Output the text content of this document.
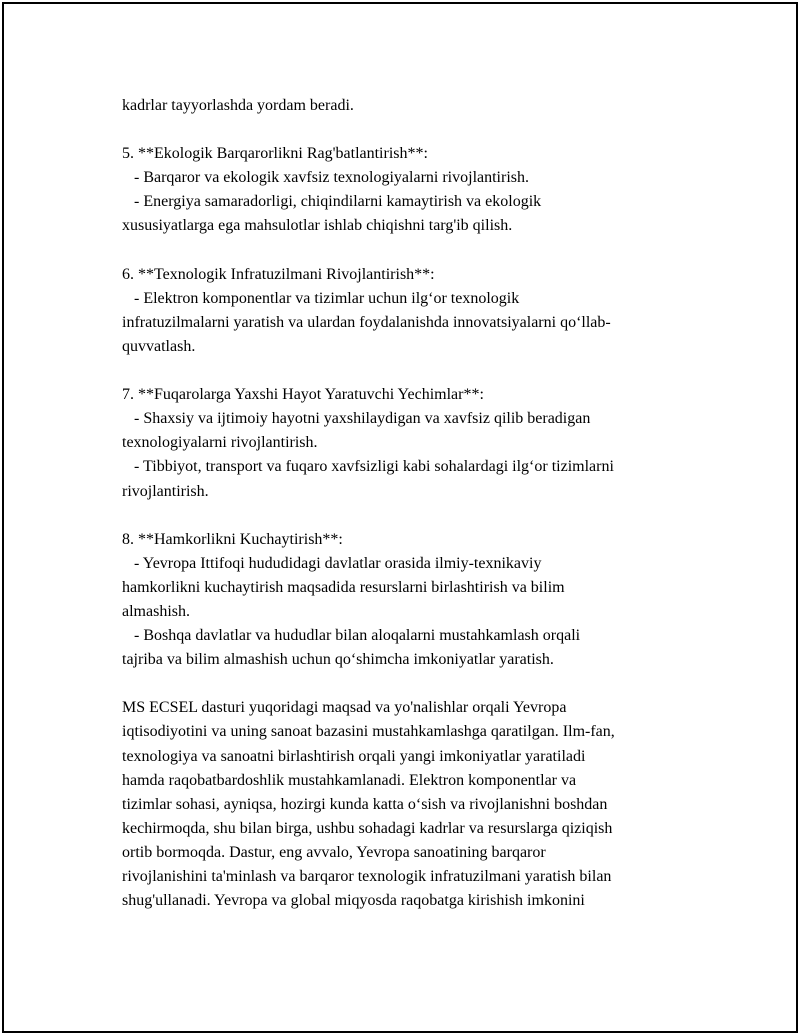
kadrlar tayyorlashda yordam beradi.
5. **Ekologik Barqarorlikni Rag'batlantirish**:
- Barqaror va ekologik xavfsiz texnologiyalarni rivojlantirish.
- Energiya samaradorligi, chiqindilarni kamaytirish va ekologik
xususiyatlarga ega mahsulotlar ishlab chiqishni targ'ib qilish.
6. **Texnologik Infratuzilmani Rivojlantirish**:
- Elektron komponentlar va tizimlar uchun ilg‘or texnologik
infratuzilmalarni yaratish va ulardan foydalanishda innovatsiyalarni qo‘llab-
quvvatlash.
7. **Fuqarolarga Yaxshi Hayot Yaratuvchi Yechimlar**:
- Shaxsiy va ijtimoiy hayotni yaxshilaydigan va xavfsiz qilib beradigan
texnologiyalarni rivojlantirish.
- Tibbiyot, transport va fuqaro xavfsizligi kabi sohalardagi ilg‘or tizimlarni
rivojlantirish.
8. **Hamkorlikni Kuchaytirish**:
- Yevropa Ittifoqi hududidagi davlatlar orasida ilmiy-texnikaviy
hamkorlikni kuchaytirish maqsadida resurslarni birlashtirish va bilim
almashish.
- Boshqa davlatlar va hududlar bilan aloqalarni mustahkamlash orqali
tajriba va bilim almashish uchun qo‘shimcha imkoniyatlar yaratish.
MS ECSEL dasturi yuqoridagi maqsad va yo'nalishlar orqali Yevropa
iqtisodiyotini va uning sanoat bazasini mustahkamlashga qaratilgan. Ilm-fan,
texnologiya va sanoatni birlashtirish orqali yangi imkoniyatlar yaratiladi
hamda raqobatbardoshlik mustahkamlanadi. Elektron komponentlar va
tizimlar sohasi, ayniqsa, hozirgi kunda katta o‘sish va rivojlanishni boshdan
kechirmoqda, shu bilan birga, ushbu sohadagi kadrlar va resurslarga qiziqish
ortib bormoqda. Dastur, eng avvalo, Yevropa sanoatining barqaror
rivojlanishini ta'minlash va barqaror texnologik infratuzilmani yaratish bilan
shug'ullanadi. Yevropa va global miqyosda raqobatga kirishish imkonini
